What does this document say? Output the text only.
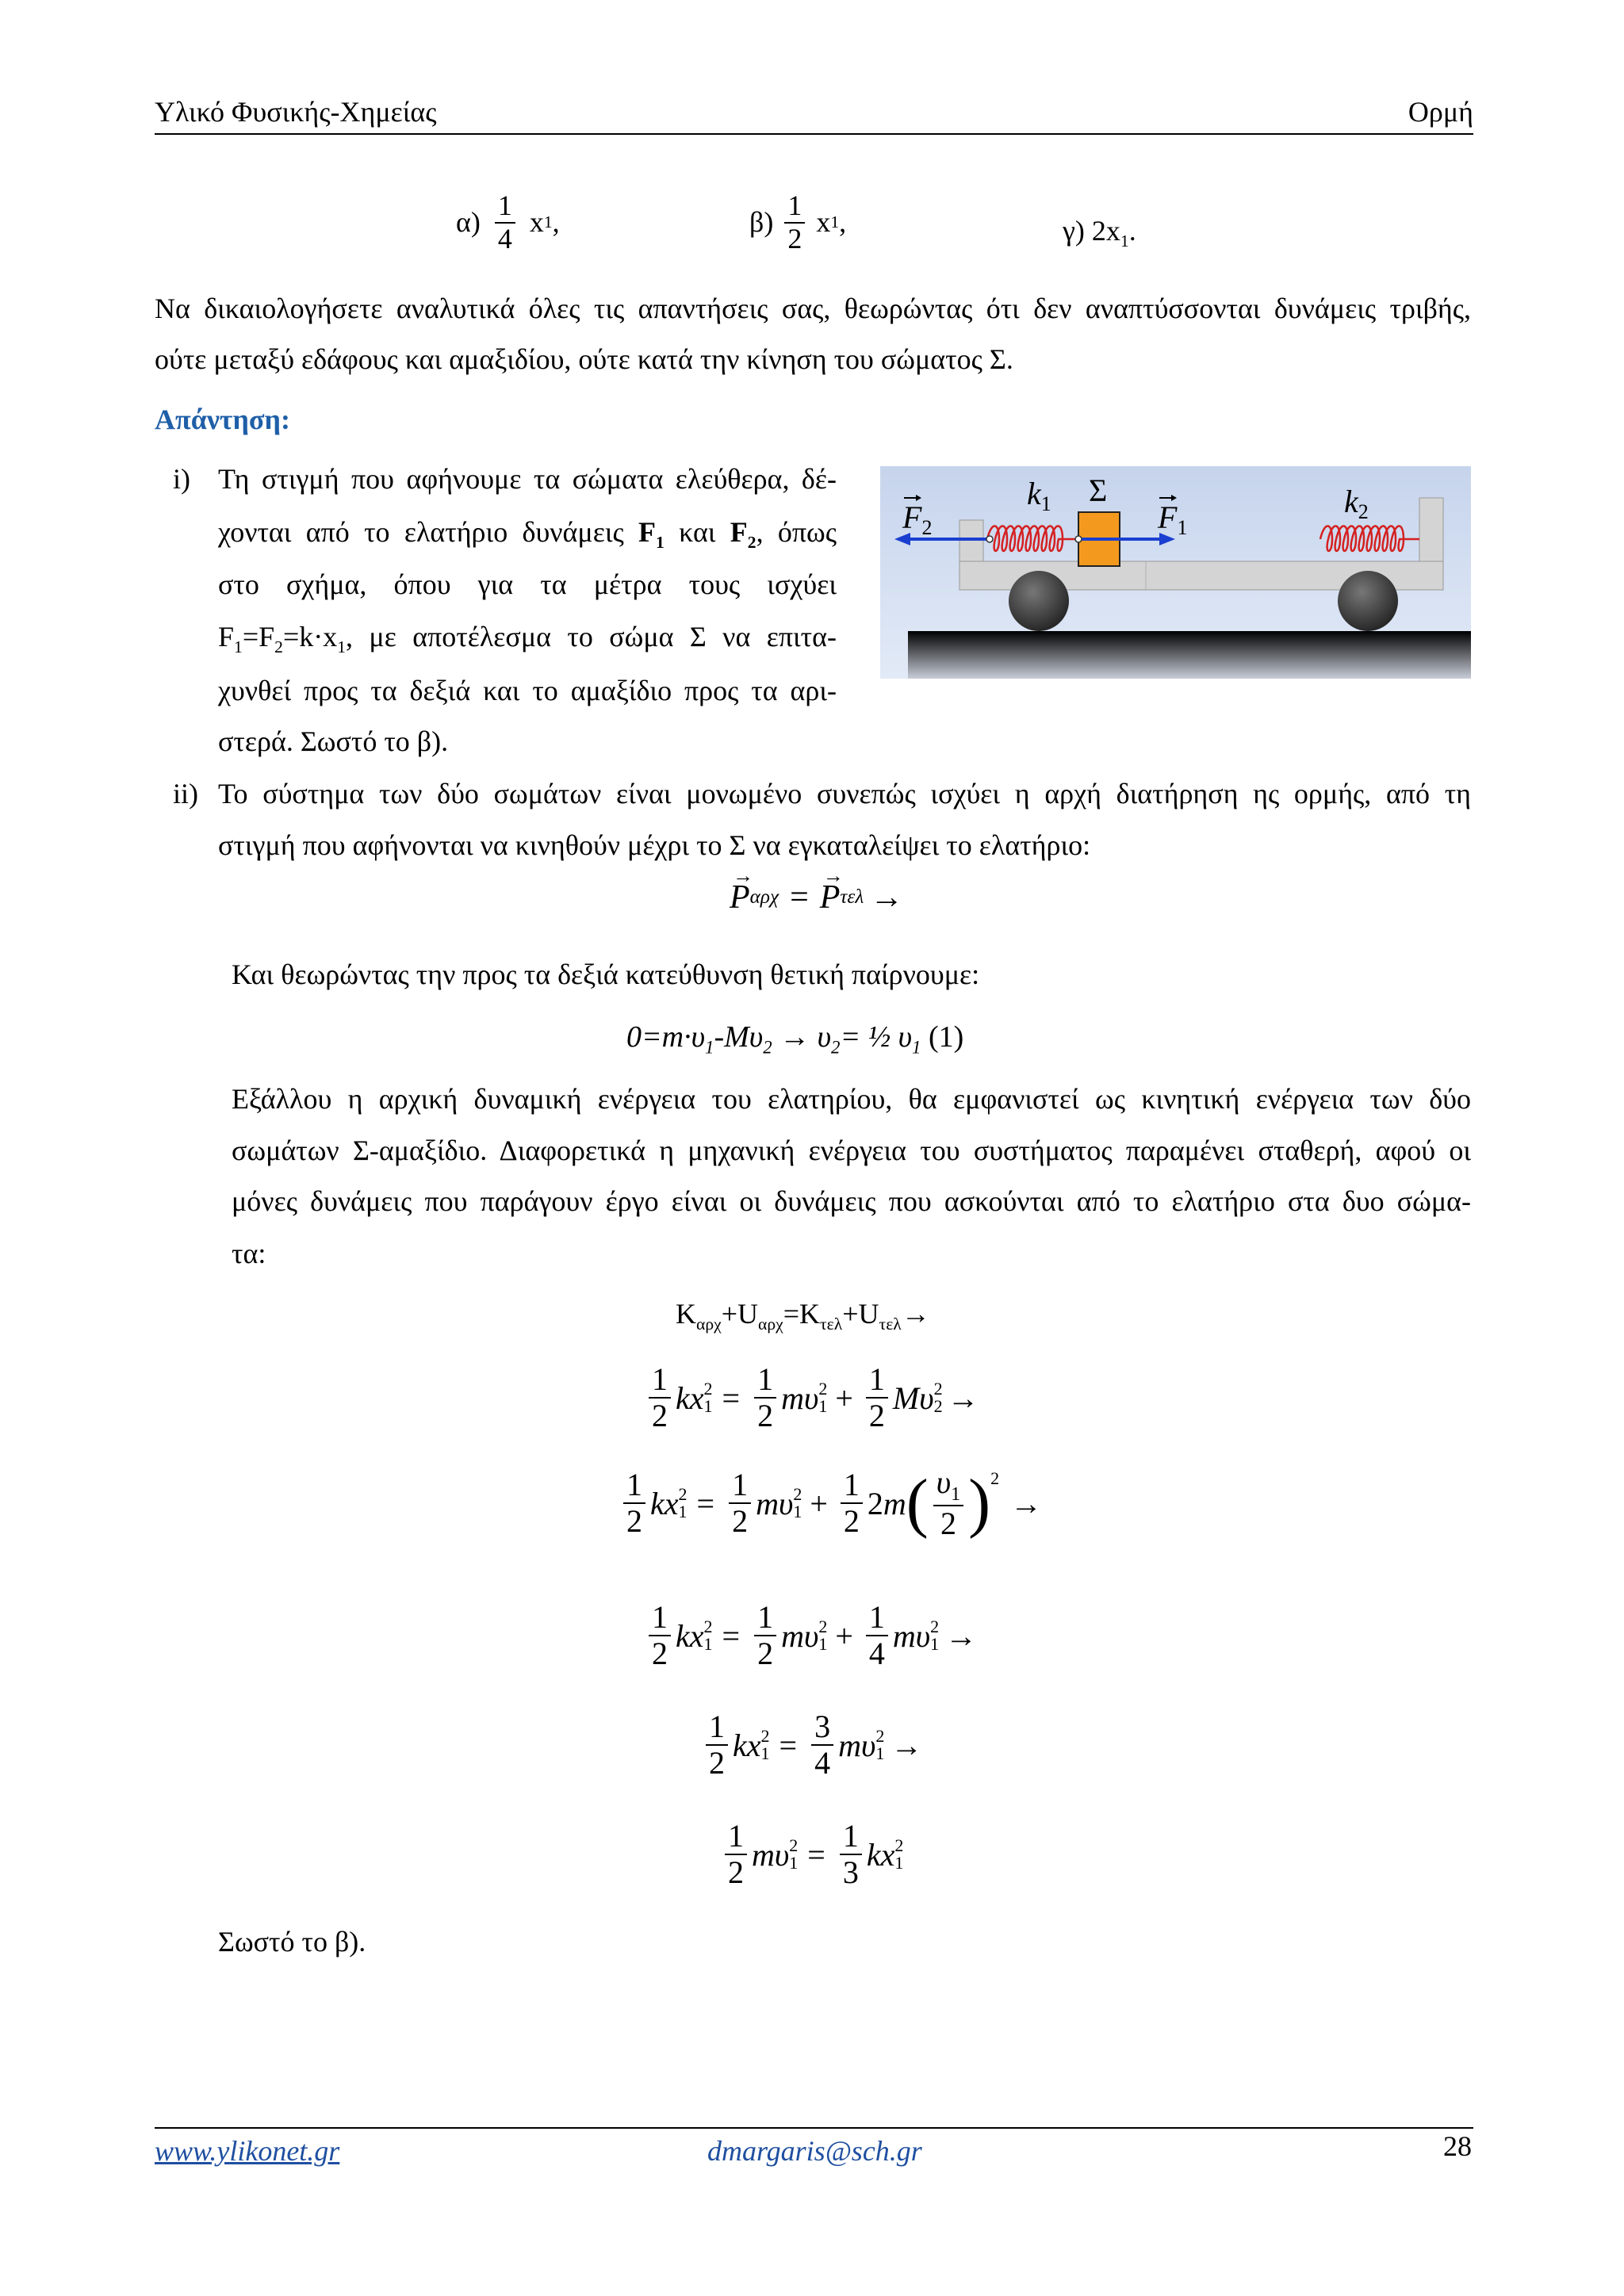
Υλικό Φυσικής-Χημείας	Ορμή
$\alpha) \frac{1}{4}$ x 1 ,	$\beta) \frac{1}{2}$ x 1 ,	γ) $2x_1$.
Να δικαιολογήσετε αναλυτικά όλες τις απαντήσεις σας, θεωρώντας ότι δεν αναπτύσσονται δυνάμεις τριβής,
ούτε μεταξύ εδάφους και αμαξιδίου, ούτε κατά την κίνηση του σώματος Σ.
Απάντηση:
i) Τη στιγμή που αφήνουμε τα σώματα ελεύθερα, δέ-
χονται από το ελατήριο δυνάμεις $F_1$ και $F_2$, όπως
στο σχήμα, όπου για τα μέτρα τους ισχύει
$F_1=F_2=k\cdot x_1$, με αποτέλεσμα το σώμα Σ να επιτα-
χυνθεί προς τα δεξιά και το αμαξίδιο προς τα αρι-
στερά. Σωστό το β).
$F_2$	$F_1$
$k_1$	$k_2$
Σ
ii) Το σύστημα των δύο σωμάτων είναι μονωμένο συνεπώς ισχύει η αρχή διατήρηση ης ορμής, από τη
στιγμή που αφήνονται να κινηθούν μέχρι το Σ να εγκαταλείψει το ελατήριο:
→
P αρχ =
→
P τελ →
Και θεωρώντας την προς τα δεξιά κατεύθυνση θετική παίρνουμε:
$0=m\cdot\upsilon_1-M\upsilon_2 \to \upsilon_2=$ ½ $\upsilon_1$ (1)
Εξάλλου η αρχική δυναμική ενέργεια του ελατηρίου, θα εμφανιστεί ως κινητική ενέργεια των δύο
σωμάτων Σ-αμαξίδιο. Διαφορετικά η μηχανική ενέργεια του συστήματος παραμένει σταθερή, αφού οι
μόνες δυνάμεις που παράγουν έργο είναι οι δυνάμεις που ασκούνται από το ελατήριο στα δυο σώμα-
τα:
$K_{\alpha\rho\chi}+U_{\alpha\rho\chi}=K_{\tau\varepsilon\lambda}+U_{\tau\varepsilon\lambda}\to$
$\frac{1}{2}$ k x 2
$1 = \frac{1}{2}$ m υ 2
$1 + \frac{1}{2}$ M υ 2
2 →
$\frac{1}{2}$ k x 2
$1 = \frac{1}{2}$ m υ 2
$1 + \frac{1}{2} 2$ m ( $\frac{\upsilon_1}{2}$ ) 2
→
$\frac{1}{2}$ k x 2
$1 = \frac{1}{2}$ m υ 2
$1 + \frac{1}{4}$ m υ 2
1 →
$\frac{1}{2}$ k x 2
$1 = \frac{3}{4}$ m υ 2
1 →
$\frac{1}{2}$ m υ 2
$1 = \frac{1}{3}$ k x 2
1
Σωστό το β).
www.ylikonet.gr	dmargaris@sch.gr	28
